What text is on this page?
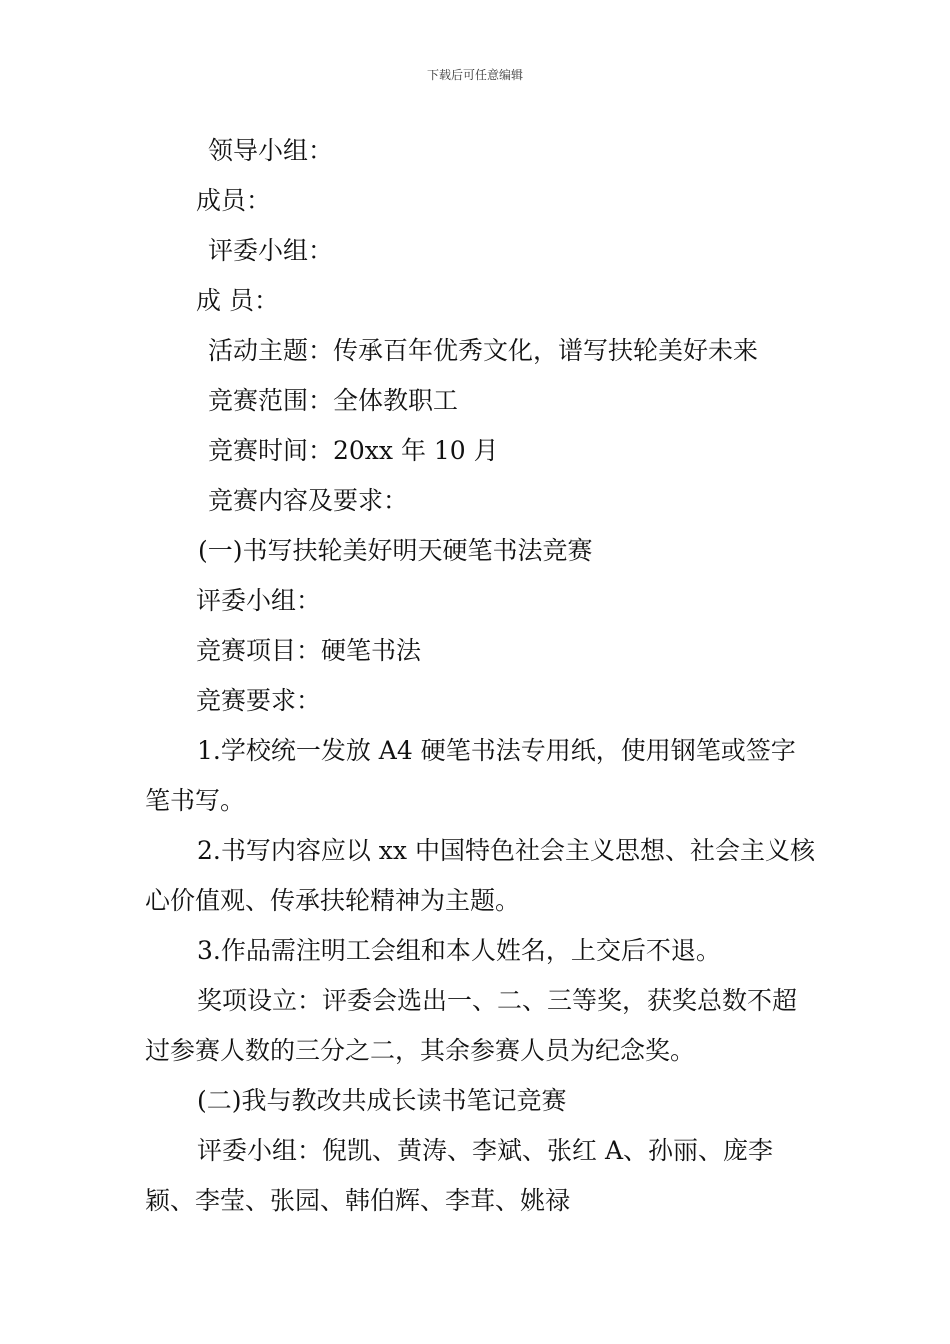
下载后可任意编辑

领导小组：

成员：

评委小组：

成 员：

活动主题：传承百年优秀文化，谱写扶轮美好未来

竞赛范围：全体教职工

竞赛时间：20xx 年 10 月

竞赛内容及要求：

(一)书写扶轮美好明天硬笔书法竞赛

评委小组：

竞赛项目：硬笔书法

竞赛要求：

1.学校统一发放 A4 硬笔书法专用纸，使用钢笔或签字笔书写。

2.书写内容应以 xx 中国特色社会主义思想、社会主义核心价值观、传承扶轮精神为主题。

3.作品需注明工会组和本人姓名，上交后不退。

奖项设立：评委会选出一、二、三等奖，获奖总数不超过参赛人数的三分之二，其余参赛人员为纪念奖。

(二)我与教改共成长读书笔记竞赛

评委小组：倪凯、黄涛、李斌、张红 A、孙丽、庞李颖、李莹、张园、韩伯辉、李茸、姚禄
